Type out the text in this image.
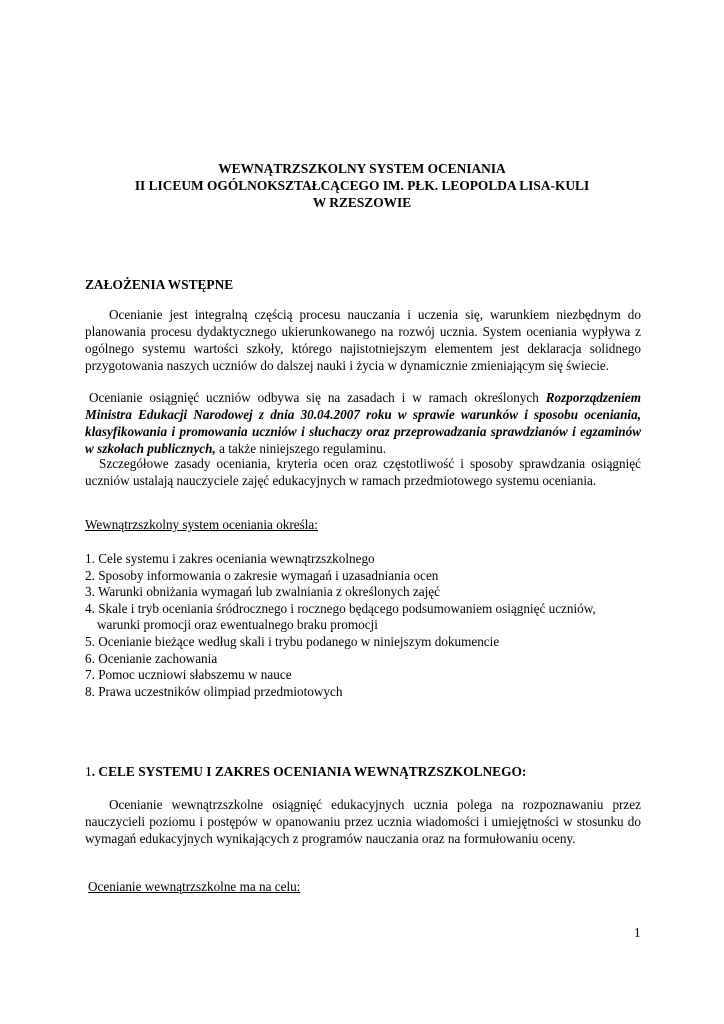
WEWNĄTRZSZKOLNY SYSTEM OCENIANIA
II LICEUM OGÓLNOKSZTAŁCĄCEGO IM. PŁK. LEOPOLDA LISA-KULI
W RZESZOWIE
ZAŁOŻENIA WSTĘPNE
Ocenianie jest integralną częścią procesu nauczania i uczenia się, warunkiem niezbędnym do planowania procesu dydaktycznego ukierunkowanego na rozwój ucznia. System oceniania wypływa z ogólnego systemu wartości szkoły, którego najistotniejszym elementem jest deklaracja solidnego przygotowania naszych uczniów do dalszej nauki i życia w dynamicznie zmieniającym się świecie.
Ocenianie osiągnięć uczniów odbywa się na zasadach i w ramach określonych Rozporządzeniem Ministra Edukacji Narodowej z dnia 30.04.2007 roku w sprawie warunków i sposobu oceniania, klasyfikowania i promowania uczniów i słuchaczy oraz przeprowadzania sprawdzianów i egzaminów w szkołach publicznych, a także niniejszego regulaminu.
Szczegółowe zasady oceniania, kryteria ocen oraz częstotliwość i sposoby sprawdzania osiągnięć uczniów ustalają nauczyciele zajęć edukacyjnych w ramach przedmiotowego systemu oceniania.
Wewnątrzszkolny system oceniania określa:
1. Cele systemu i zakres oceniania wewnątrzszkolnego
2. Sposoby informowania o zakresie wymagań i uzasadniania ocen
3. Warunki obniżania wymagań lub zwalniania z określonych zajęć
4. Skale i tryb oceniania śródrocznego i rocznego będącego podsumowaniem osiągnięć uczniów,
warunki promocji oraz ewentualnego braku promocji
5. Ocenianie bieżące według skali i trybu podanego w niniejszym dokumencie
6. Ocenianie zachowania
7. Pomoc uczniowi słabszemu w nauce
8. Prawa uczestników olimpiad przedmiotowych
1. CELE SYSTEMU I ZAKRES OCENIANIA WEWNĄTRZSZKOLNEGO:
Ocenianie wewnątrzszkolne osiągnięć edukacyjnych ucznia polega na rozpoznawaniu przez nauczycieli poziomu i postępów w opanowaniu przez ucznia wiadomości i umiejętności w stosunku do wymagań edukacyjnych wynikających z programów nauczania oraz na formułowaniu oceny.
Ocenianie wewnątrzszkolne ma na celu:
1
